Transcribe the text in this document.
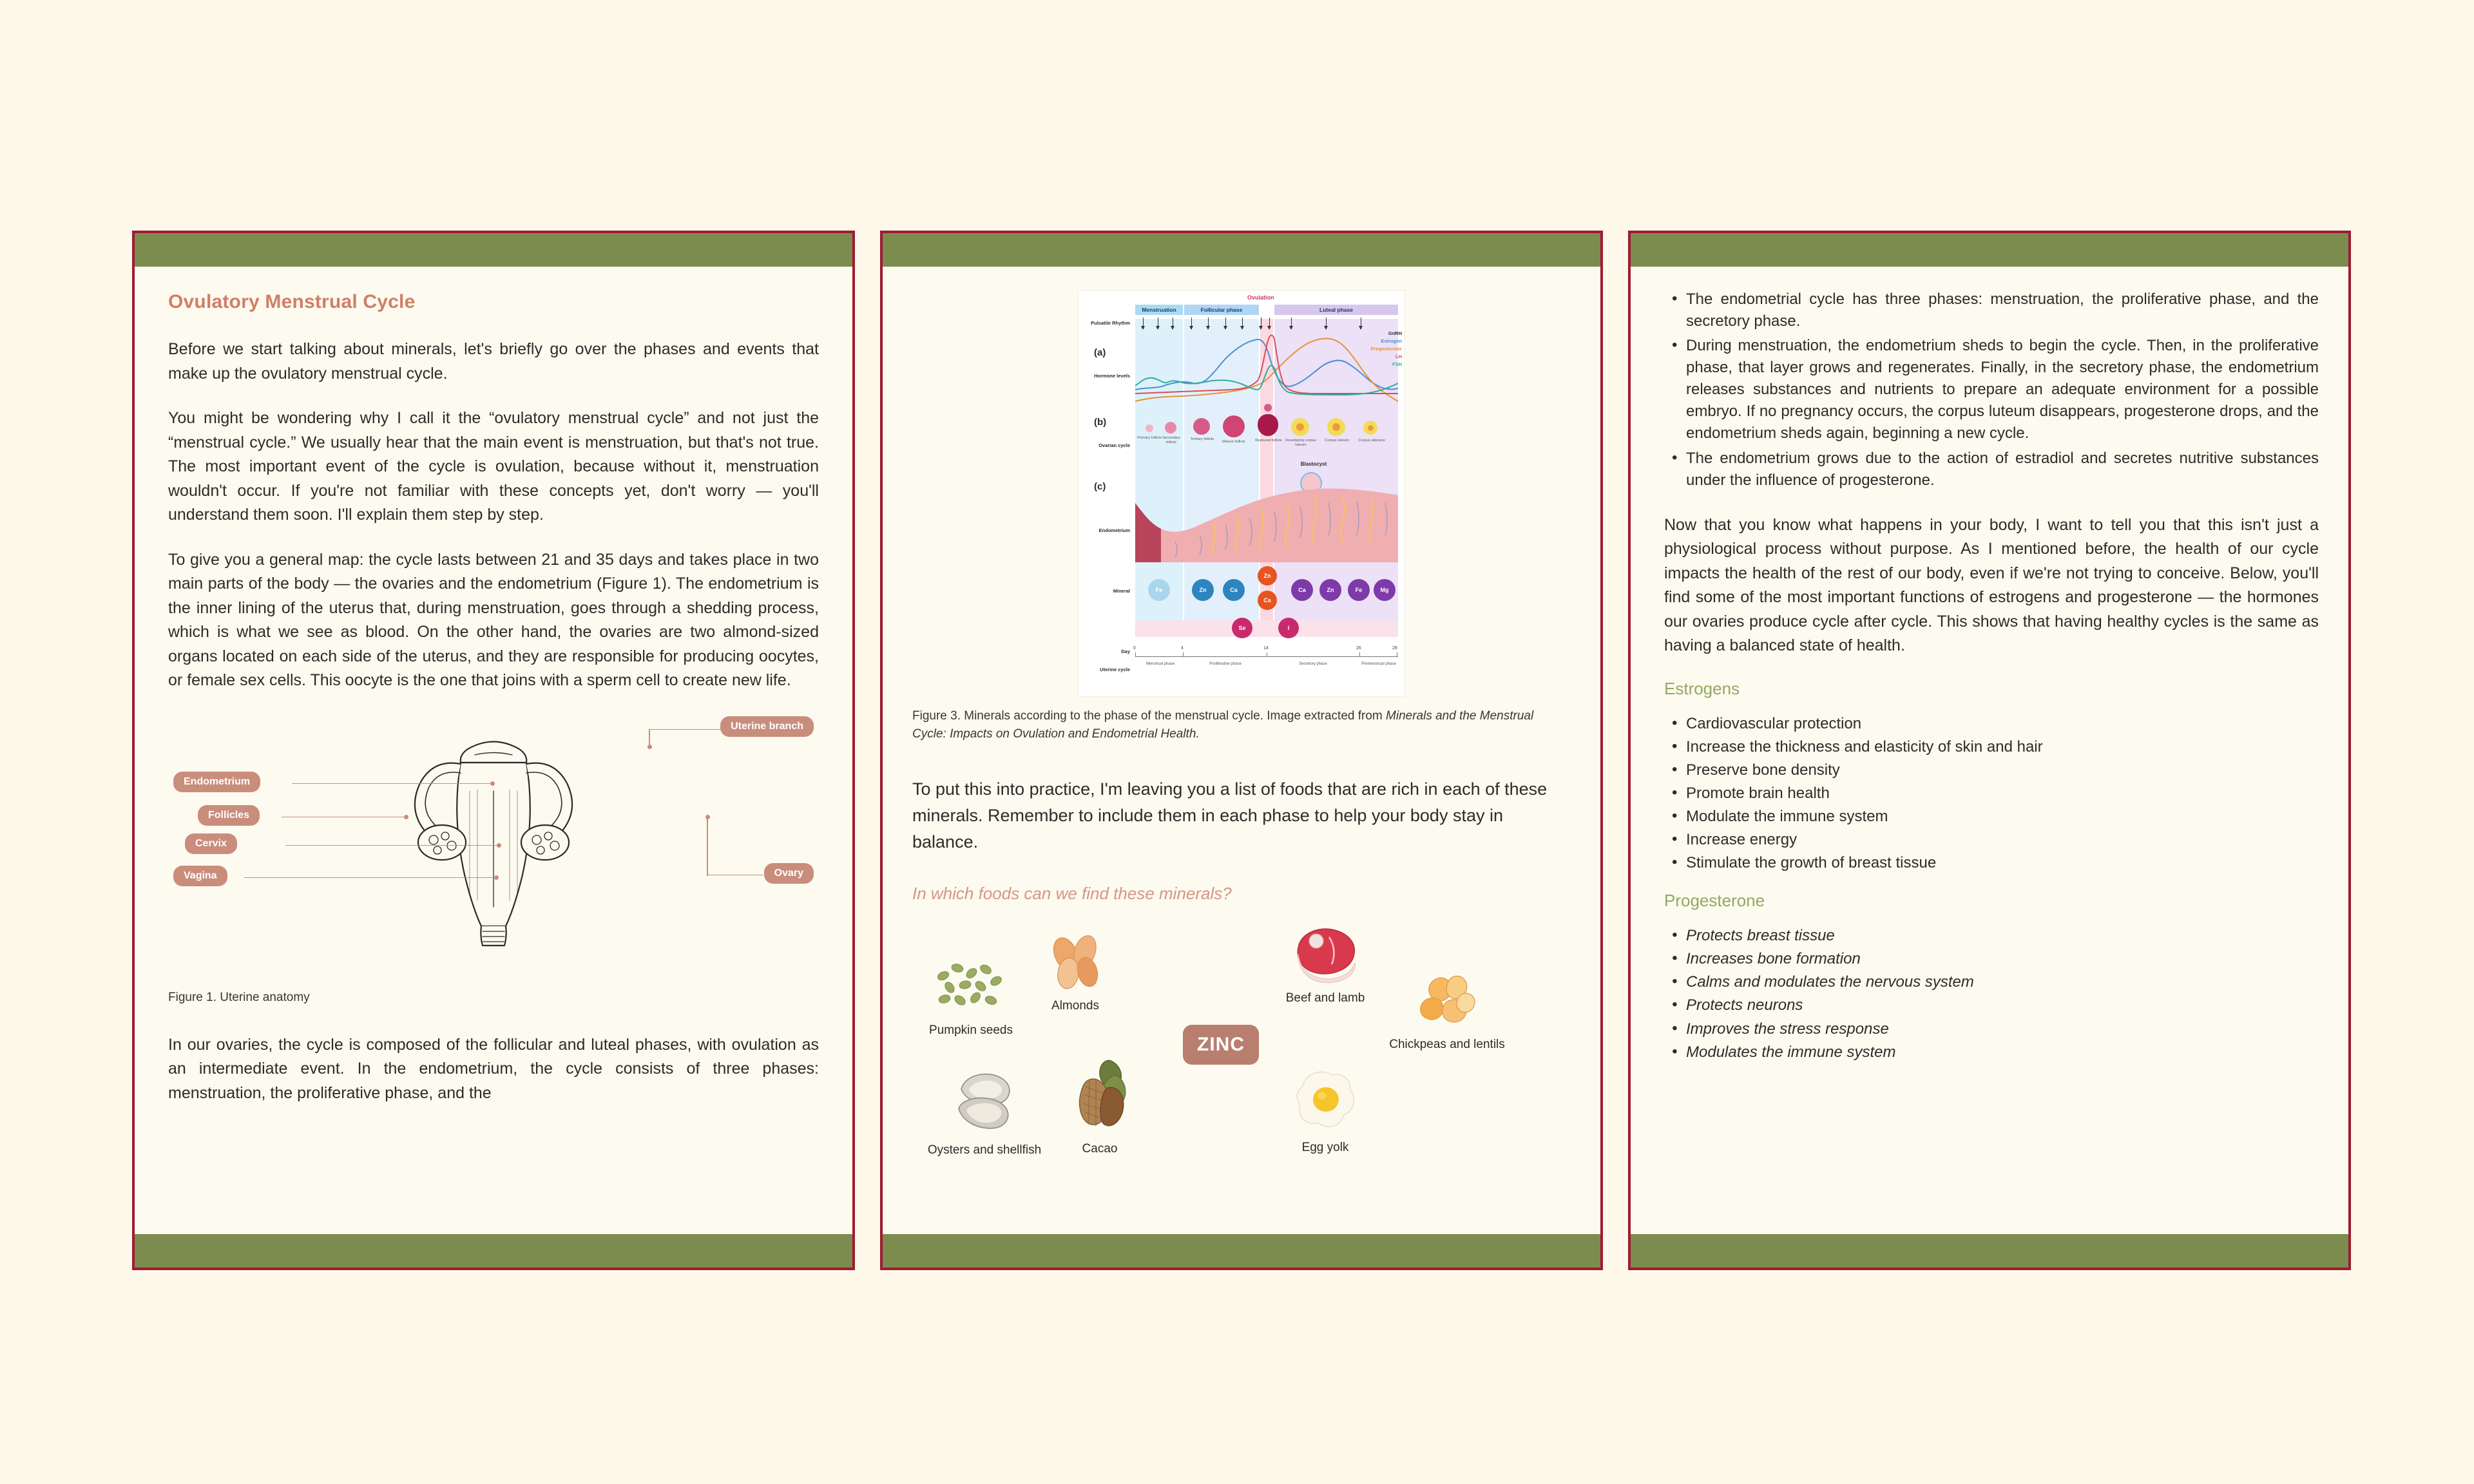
Ovulatory Menstrual Cycle

Before we start talking about minerals, let's briefly go over the phases and events that make up the ovulatory menstrual cycle.

You might be wondering why I call it the “ovulatory menstrual cycle” and not just the “menstrual cycle.” We usually hear that the main event is menstruation, but that's not true. The most important event of the cycle is ovulation, because without it, menstruation wouldn't occur. If you're not familiar with these concepts yet, don't worry — you'll understand them soon. I'll explain them step by step.

To give you a general map: the cycle lasts between 21 and 35 days and takes place in two main parts of the body — the ovaries and the endometrium (Figure 1). The endometrium is the inner lining of the uterus that, during menstruation, goes through a shedding process, which is what we see as blood. On the other hand, the ovaries are two almond-sized organs located on each side of the uterus, and they are responsible for producing oocytes, or female sex cells. This oocyte is the one that joins with a sperm cell to create new life.

Uterine branch
Ovary
Endometrium
Follicles
Cervix
Vagina
Figure 1. Uterine anatomy

In our ovaries, the cycle is composed of the follicular and luteal phases, with ovulation as an intermediate event. In the endometrium, the cycle consists of three phases: menstruation, the proliferative phase, and the

Ovulation
Menstruation	Follicular phase	Luteal phase
Pulsatile Rhythm
(a)
Hormone levels
GnRH
Estrogen
Progesterone
LH
FSH
(b)
Ovarian cycle
Primary follicle Secondary follicle
Tertiary follicle
Mature follicle	Ruptured follicle Developing corpus luteum
Corpus luteum	Corpus albicans
Blastocyst
(c)
Endometrium
Mineral	Fe	Zn	Ca
Zn
Ca
Ca	Zn	Fe	Mg
Se	I
Day
0	4	14	26	28
Uterine cycle
Menstrual phase	Proliferative phase	Secretory phase	Premenstrual phase
Figure 3. Minerals according to the phase of the menstrual cycle. Image extracted from Minerals and the Menstrual Cycle: Impacts on Ovulation and Endometrial Health.

To put this into practice, I'm leaving you a list of foods that are rich in each of these minerals. Remember to include them in each phase to help your body stay in balance.

In which foods can we find these minerals?
ZINC
Pumpkin seeds
Almonds
Beef and lamb
Chickpeas and lentils
Oysters and shellfish	Cacao	Egg yolk
• The endometrial cycle has three phases: menstruation, the proliferative phase, and the secretory phase.
• During menstruation, the endometrium sheds to begin the cycle. Then, in the proliferative phase, that layer grows and regenerates. Finally, in the secretory phase, the endometrium releases substances and nutrients to prepare an adequate environment for a possible embryo. If no pregnancy occurs, the corpus luteum disappears, progesterone drops, and the endometrium sheds again, beginning a new cycle.
• The endometrium grows due to the action of estradiol and secretes nutritive substances under the influence of progesterone.

Now that you know what happens in your body, I want to tell you that this isn't just a physiological process without purpose. As I mentioned before, the health of our cycle impacts the health of the rest of our body, even if we're not trying to conceive. Below, you'll find some of the most important functions of estrogens and progesterone — the hormones our ovaries produce cycle after cycle. This shows that having healthy cycles is the same as having a balanced state of health.

Estrogens
• Cardiovascular protection
• Increase the thickness and elasticity of skin and hair
• Preserve bone density
• Promote brain health
• Modulate the immune system
• Increase energy
• Stimulate the growth of breast tissue
Progesterone
• Protects breast tissue
• Increases bone formation
• Calms and modulates the nervous system
• Protects neurons
• Improves the stress response
• Modulates the immune system
